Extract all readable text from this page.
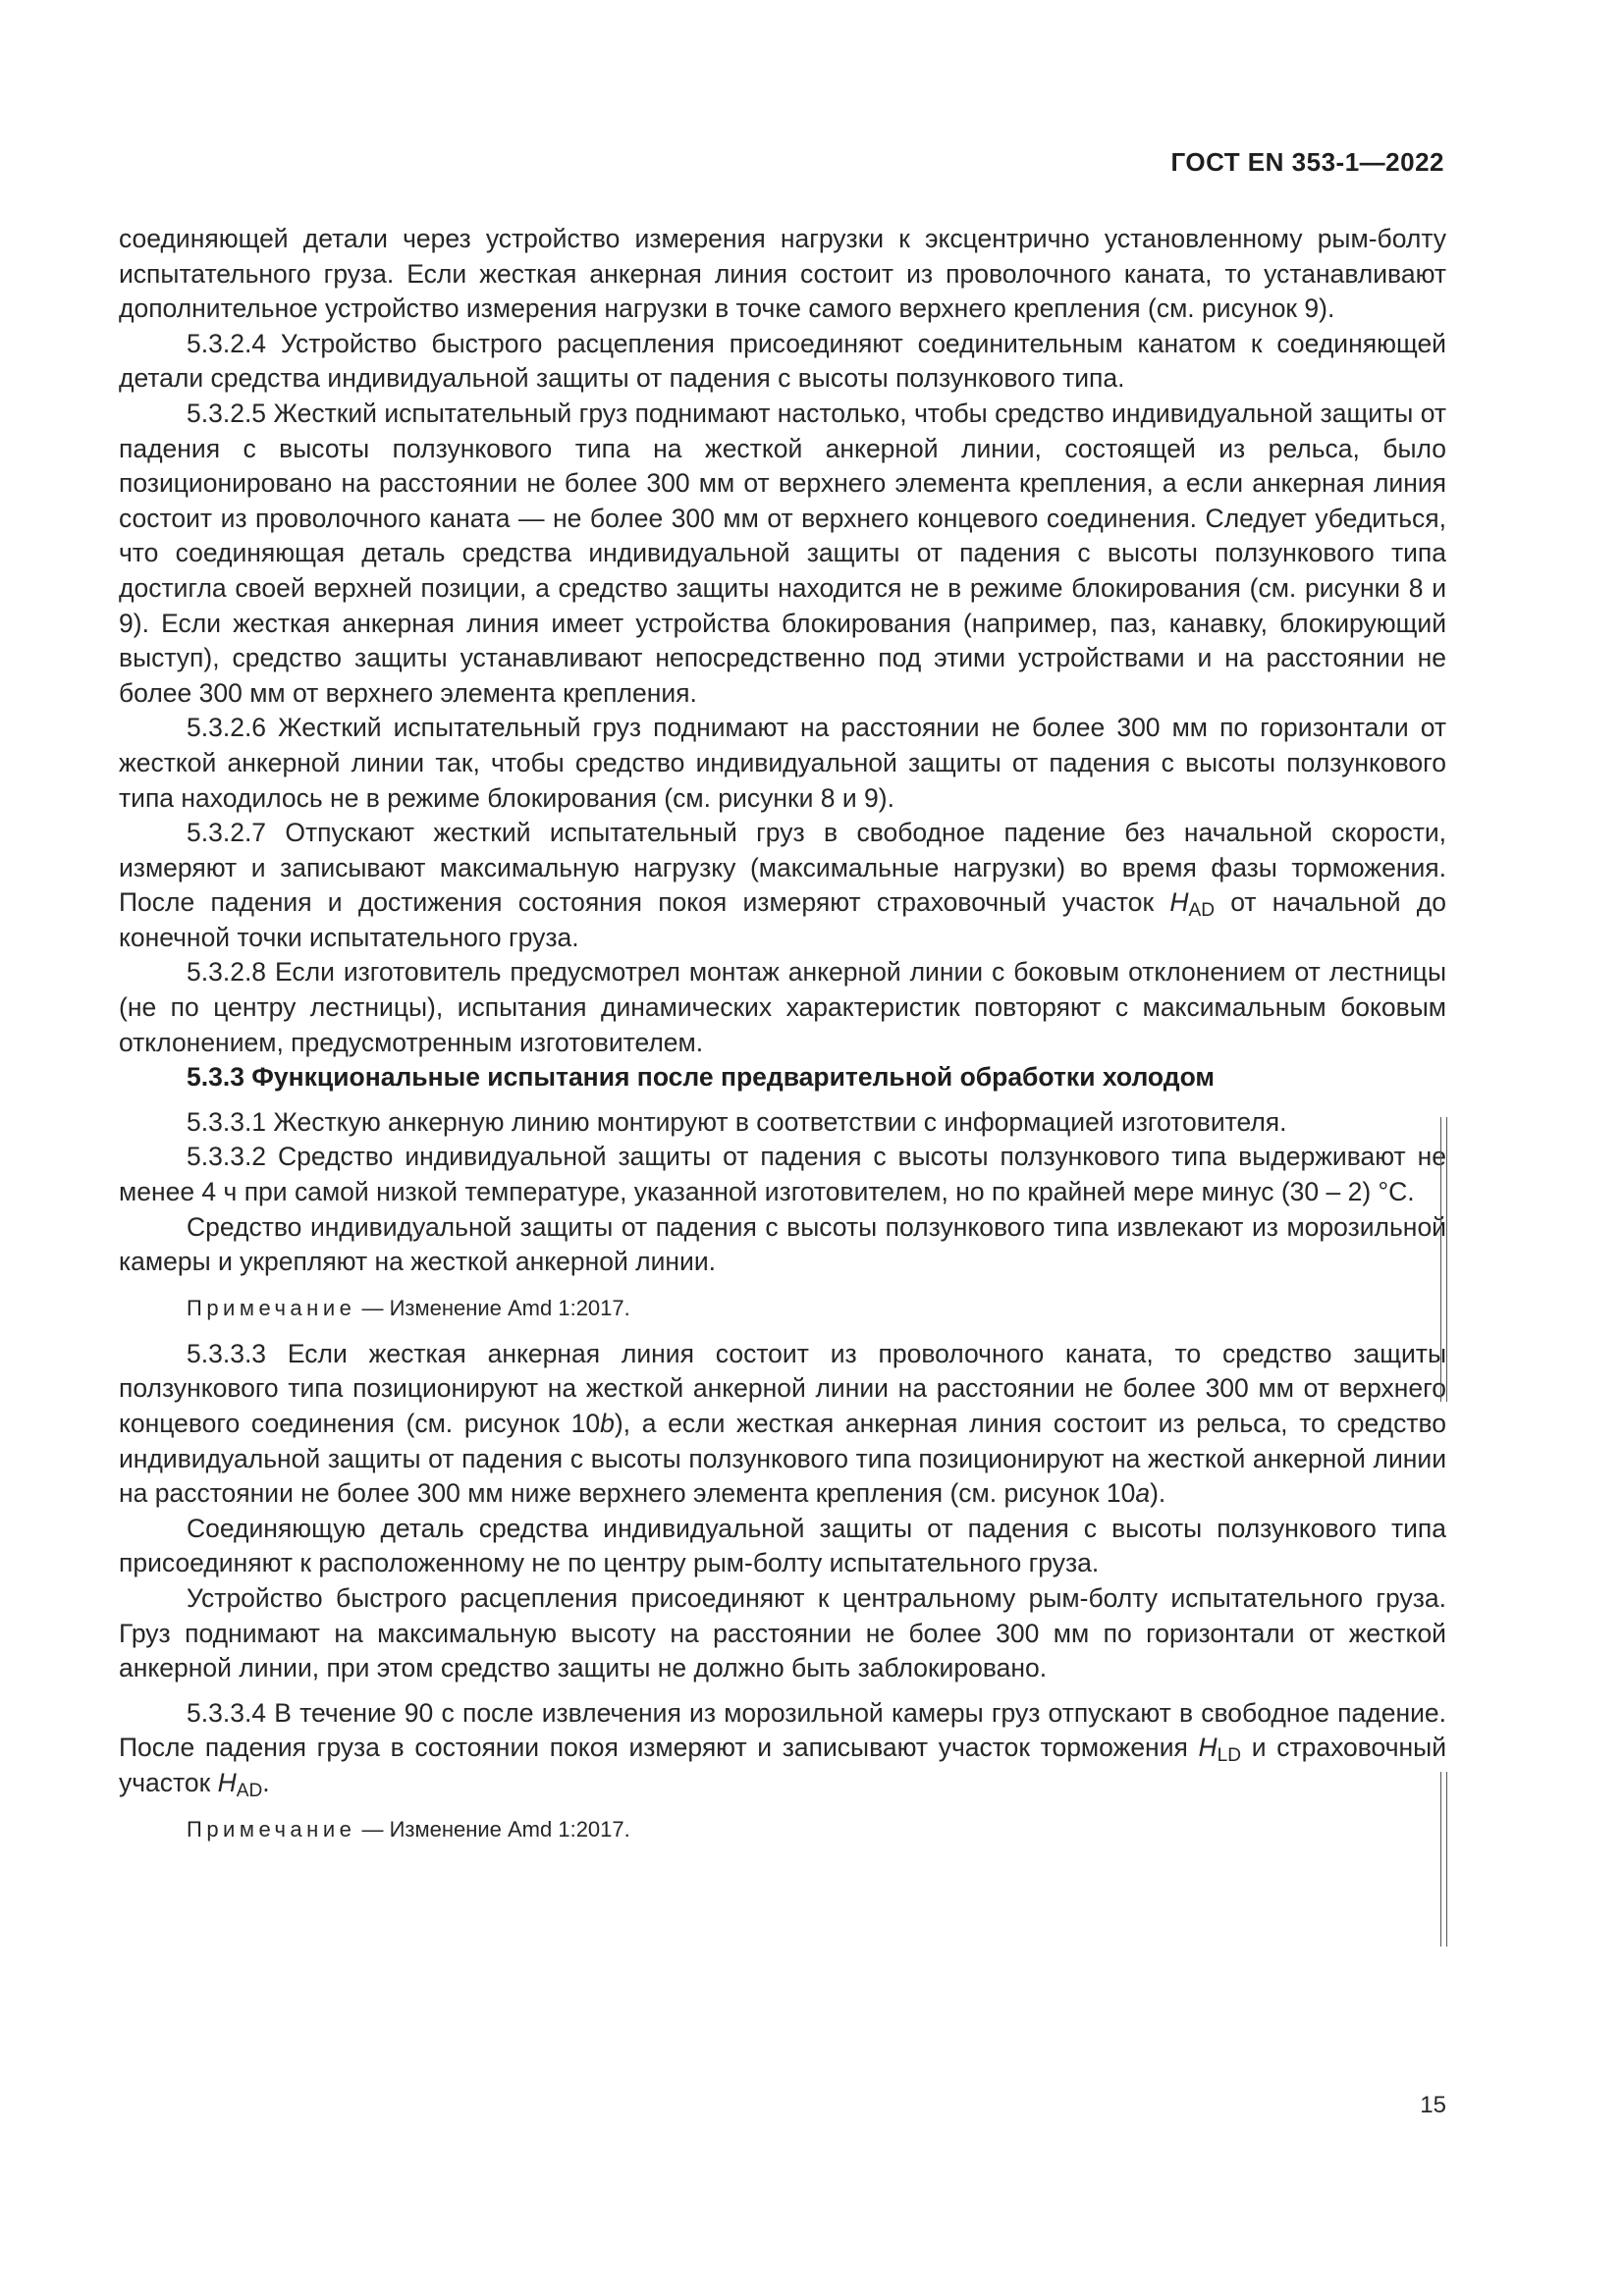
ГОСТ EN 353-1—2022

соединяющей детали через устройство измерения нагрузки к эксцентрично установленному рым-болту испытательного груза. Если жесткая анкерная линия состоит из проволочного каната, то устанавливают дополнительное устройство измерения нагрузки в точке самого верхнего крепления (см. рисунок 9).

5.3.2.4 Устройство быстрого расцепления присоединяют соединительным канатом к соединяющей детали средства индивидуальной защиты от падения с высоты ползункового типа.

5.3.2.5 Жесткий испытательный груз поднимают настолько, чтобы средство индивидуальной защиты от падения с высоты ползункового типа на жесткой анкерной линии, состоящей из рельса, было позиционировано на расстоянии не более 300 мм от верхнего элемента крепления, а если анкерная линия состоит из проволочного каната — не более 300 мм от верхнего концевого соединения. Следует убедиться, что соединяющая деталь средства индивидуальной защиты от падения с высоты ползункового типа достигла своей верхней позиции, а средство защиты находится не в режиме блокирования (см. рисунки 8 и 9). Если жесткая анкерная линия имеет устройства блокирования (например, паз, канавку, блокирующий выступ), средство защиты устанавливают непосредственно под этими устройствами и на расстоянии не более 300 мм от верхнего элемента крепления.

5.3.2.6 Жесткий испытательный груз поднимают на расстоянии не более 300 мм по горизонтали от жесткой анкерной линии так, чтобы средство индивидуальной защиты от падения с высоты ползункового типа находилось не в режиме блокирования (см. рисунки 8 и 9).

5.3.2.7 Отпускают жесткий испытательный груз в свободное падение без начальной скорости, измеряют и записывают максимальную нагрузку (максимальные нагрузки) во время фазы торможения. После падения и достижения состояния покоя измеряют страховочный участок $H_{AD}$ от начальной до конечной точки испытательного груза.

5.3.2.8 Если изготовитель предусмотрел монтаж анкерной линии с боковым отклонением от лестницы (не по центру лестницы), испытания динамических характеристик повторяют с максимальным боковым отклонением, предусмотренным изготовителем.

5.3.3 Функциональные испытания после предварительной обработки холодом

5.3.3.1 Жесткую анкерную линию монтируют в соответствии с информацией изготовителя.

5.3.3.2 Средство индивидуальной защиты от падения с высоты ползункового типа выдерживают не менее 4 ч при самой низкой температуре, указанной изготовителем, но по крайней мере минус (30 – 2) °С.

Средство индивидуальной защиты от падения с высоты ползункового типа извлекают из морозильной камеры и укрепляют на жесткой анкерной линии.

Примечание — Изменение Amd 1:2017.

5.3.3.3 Если жесткая анкерная линия состоит из проволочного каната, то средство защиты ползункового типа позиционируют на жесткой анкерной линии на расстоянии не более 300 мм от верхнего концевого соединения (см. рисунок 10b), а если жесткая анкерная линия состоит из рельса, то средство индивидуальной защиты от падения с высоты ползункового типа позиционируют на жесткой анкерной линии на расстоянии не более 300 мм ниже верхнего элемента крепления (см. рисунок 10а).

Соединяющую деталь средства индивидуальной защиты от падения с высоты ползункового типа присоединяют к расположенному не по центру рым-болту испытательного груза.

Устройство быстрого расцепления присоединяют к центральному рым-болту испытательного груза. Груз поднимают на максимальную высоту на расстоянии не более 300 мм по горизонтали от жесткой анкерной линии, при этом средство защиты не должно быть заблокировано.

5.3.3.4 В течение 90 с после извлечения из морозильной камеры груз отпускают в свободное падение. После падения груза в состоянии покоя измеряют и записывают участок торможения $H_{LD}$ и страховочный участок $H_{AD}$.

Примечание — Изменение Amd 1:2017.

15
